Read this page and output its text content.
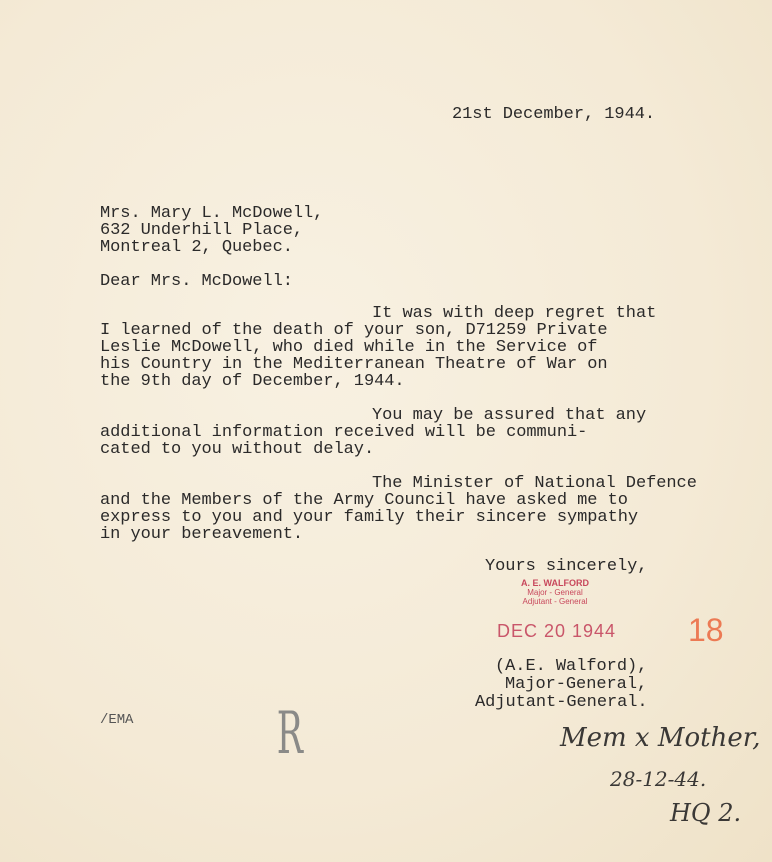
21st December, 1944.
Mrs. Mary L. McDowell,
632 Underhill Place,
Montreal 2, Quebec.
Dear Mrs. McDowell:
It was with deep regret that
I learned of the death of your son, D71259 Private
Leslie McDowell, who died while in the Service of
his Country in the Mediterranean Theatre of War on
the 9th day of December, 1944.
You may be assured that any
additional information received will be communi-
cated to you without delay.
The Minister of National Defence
and the Members of the Army Council have asked me to
express to you and your family their sincere sympathy
in your bereavement.
Yours sincerely,
A. E. WALFORD
Major - General
Adjutant - General
DEC 20 1944
(A.E. Walford),
Major-General,
Adjutant-General.
/EMA
18
Mem x Mother,
28-12-44.
HQ 2.
R
